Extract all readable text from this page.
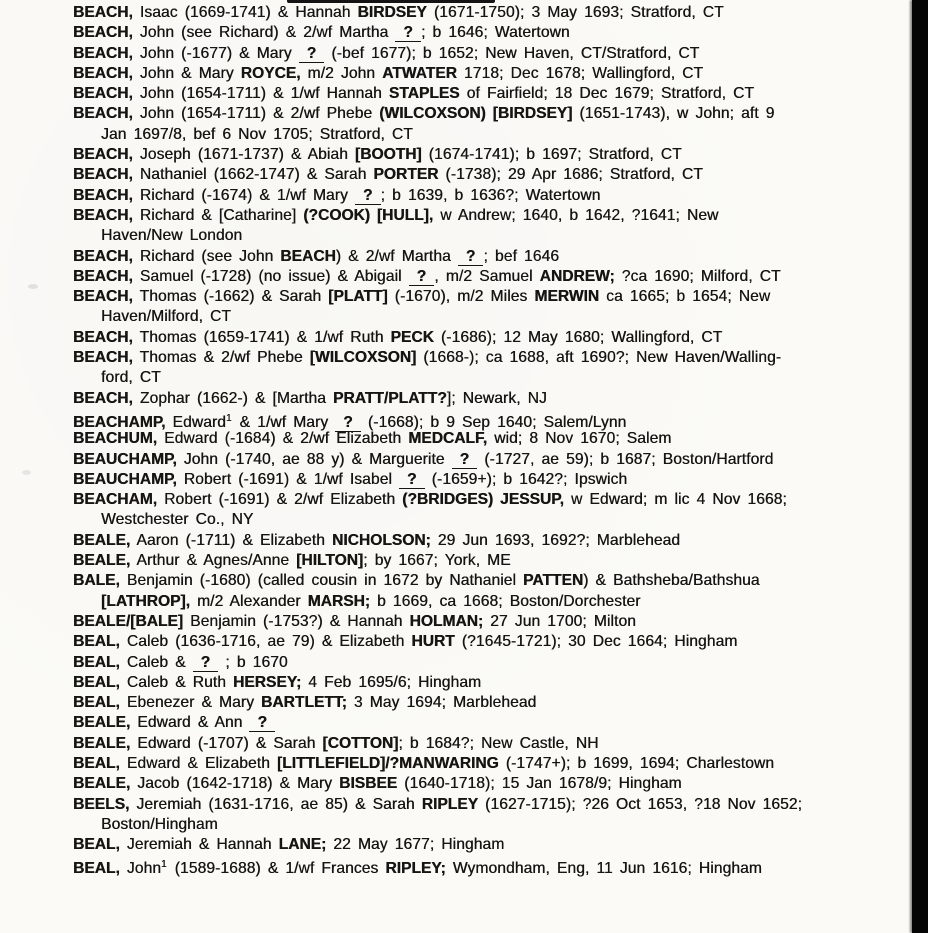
BEACH, Isaac (1669-1741) & Hannah BIRDSEY (1671-1750); 3 May 1693; Stratford, CT
BEACH, John (see Richard) & 2/wf Martha ? ; b 1646; Watertown
BEACH, John (-1677) & Mary ? (-bef 1677); b 1652; New Haven, CT/Stratford, CT
BEACH, John & Mary ROYCE, m/2 John ATWATER 1718; Dec 1678; Wallingford, CT
BEACH, John (1654-1711) & 1/wf Hannah STAPLES of Fairfield; 18 Dec 1679; Stratford, CT
BEACH, John (1654-1711) & 2/wf Phebe (WILCOXSON) [BIRDSEY] (1651-1743), w John; aft 9
Jan 1697/8, bef 6 Nov 1705; Stratford, CT
BEACH, Joseph (1671-1737) & Abiah [BOOTH] (1674-1741); b 1697; Stratford, CT
BEACH, Nathaniel (1662-1747) & Sarah PORTER (-1738); 29 Apr 1686; Stratford, CT
BEACH, Richard (-1674) & 1/wf Mary ? ; b 1639, b 1636?; Watertown
BEACH, Richard & [Catharine] (?COOK) [HULL], w Andrew; 1640, b 1642, ?1641; New
Haven/New London
BEACH, Richard (see John BEACH) & 2/wf Martha ? ; bef 1646
BEACH, Samuel (-1728) (no issue) & Abigail ? , m/2 Samuel ANDREW; ?ca 1690; Milford, CT
BEACH, Thomas (-1662) & Sarah [PLATT] (-1670), m/2 Miles MERWIN ca 1665; b 1654; New
Haven/Milford, CT
BEACH, Thomas (1659-1741) & 1/wf Ruth PECK (-1686); 12 May 1680; Wallingford, CT
BEACH, Thomas & 2/wf Phebe [WILCOXSON] (1668-); ca 1688, aft 1690?; New Haven/Walling-
ford, CT
BEACH, Zophar (1662-) & [Martha PRATT/PLATT?]; Newark, NJ
BEACHAMP, Edward$^1$ & 1/wf Mary ? (-1668); b 9 Sep 1640; Salem/Lynn
BEACHUM, Edward (-1684) & 2/wf Elizabeth MEDCALF, wid; 8 Nov 1670; Salem
BEAUCHAMP, John (-1740, ae 88 y) & Marguerite ? (-1727, ae 59); b 1687; Boston/Hartford
BEAUCHAMP, Robert (-1691) & 1/wf Isabel ? (-1659+); b 1642?; Ipswich
BEACHAM, Robert (-1691) & 2/wf Elizabeth (?BRIDGES) JESSUP, w Edward; m lic 4 Nov 1668;
Westchester Co., NY
BEALE, Aaron (-1711) & Elizabeth NICHOLSON; 29 Jun 1693, 1692?; Marblehead
BEALE, Arthur & Agnes/Anne [HILTON]; by 1667; York, ME
BALE, Benjamin (-1680) (called cousin in 1672 by Nathaniel PATTEN) & Bathsheba/Bathshua
[LATHROP], m/2 Alexander MARSH; b 1669, ca 1668; Boston/Dorchester
BEALE/[BALE] Benjamin (-1753?) & Hannah HOLMAN; 27 Jun 1700; Milton
BEAL, Caleb (1636-1716, ae 79) & Elizabeth HURT (?1645-1721); 30 Dec 1664; Hingham
BEAL, Caleb & ? ; b 1670
BEAL, Caleb & Ruth HERSEY; 4 Feb 1695/6; Hingham
BEAL, Ebenezer & Mary BARTLETT; 3 May 1694; Marblehead
BEALE, Edward & Ann ?
BEALE, Edward (-1707) & Sarah [COTTON]; b 1684?; New Castle, NH
BEAL, Edward & Elizabeth [LITTLEFIELD]/?MANWARING (-1747+); b 1699, 1694; Charlestown
BEALE, Jacob (1642-1718) & Mary BISBEE (1640-1718); 15 Jan 1678/9; Hingham
BEELS, Jeremiah (1631-1716, ae 85) & Sarah RIPLEY (1627-1715); ?26 Oct 1653, ?18 Nov 1652;
Boston/Hingham
BEAL, Jeremiah & Hannah LANE; 22 May 1677; Hingham
BEAL, John$^1$ (1589-1688) & 1/wf Frances RIPLEY; Wymondham, Eng, 11 Jun 1616; Hingham
